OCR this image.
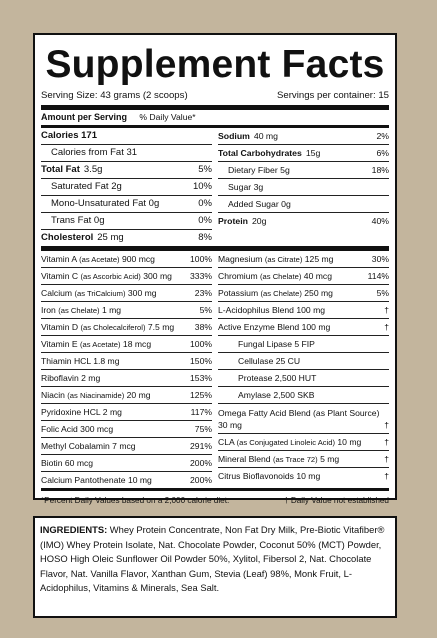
Supplement Facts
Serving Size: 43 grams (2 scoops)	Servings per container: 15
Amount per Serving % Daily Value*
Calories 171
Calories from Fat 31
Total Fat 3.5g	5%
Saturated Fat 2g	10%
Mono-Unsaturated Fat 0g	0%
Trans Fat 0g	0%
Cholesterol 25 mg	8%
Sodium 40 mg	2%
Total Carbohydrates 15g	6%
Dietary Fiber 5g	18%
Sugar 3g
Added Sugar 0g
Protein 20g	40%
Vitamin A (as Acetate) 900 mcg	100%
Vitamin C (as Ascorbic Acid) 300 mg 333%
Calcium (as TriCalcium) 300 mg	23%
Iron (as Chelate) 1 mg	5%
Vitamin D (as Cholecalciferol) 7.5 mg 38%
Vitamin E (as Acetate) 18 mcg	100%
Thiamin HCL 1.8 mg	150%
Riboflavin 2 mg	153%
Niacin (as Niacinamide) 20 mg	125%
Pyridoxine HCL 2 mg	117%
Folic Acid 300 mcg	75%
Methyl Cobalamin 7 mcg	291%
Biotin 60 mcg	200%
Calcium Pantothenate 10 mg	200%
Magnesium (as Citrate) 125 mg	30%
Chromium (as Chelate) 40 mcg	114%
Potassium (as Chelate) 250 mg	5%
L-Acidophilus Blend 100 mg	†
Active Enzyme Blend 100 mg	†
Fungal Lipase 5 FIP
Cellulase 25 CU
Protease 2,500 HUT
Amylase 2,500 SKB
Omega Fatty Acid Blend (as Plant Source) 30 mg	†
CLA (as Conjugated Linoleic Acid) 10 mg	†
Mineral Blend (as Trace 72) 5 mg	†
Citrus Bioflavonoids 10 mg	†
*Percent Daily Values based on a 2,000 calorie diet.	† Daily Value not established
INGREDIENTS: Whey Protein Concentrate, Non Fat Dry Milk, Pre-Biotic Vitafiber® (IMO) Whey Protein Isolate, Nat. Chocolate Powder, Coconut 50% (MCT) Powder, HOSO High Oleic Sunflower Oil Powder 50%, Xylitol, Fibersol 2, Nat. Chocolate Flavor, Nat. Vanilla Flavor, Xanthan Gum, Stevia (Leaf) 98%, Monk Fruit, L-Acidophilus, Vitamins & Minerals, Sea Salt.
